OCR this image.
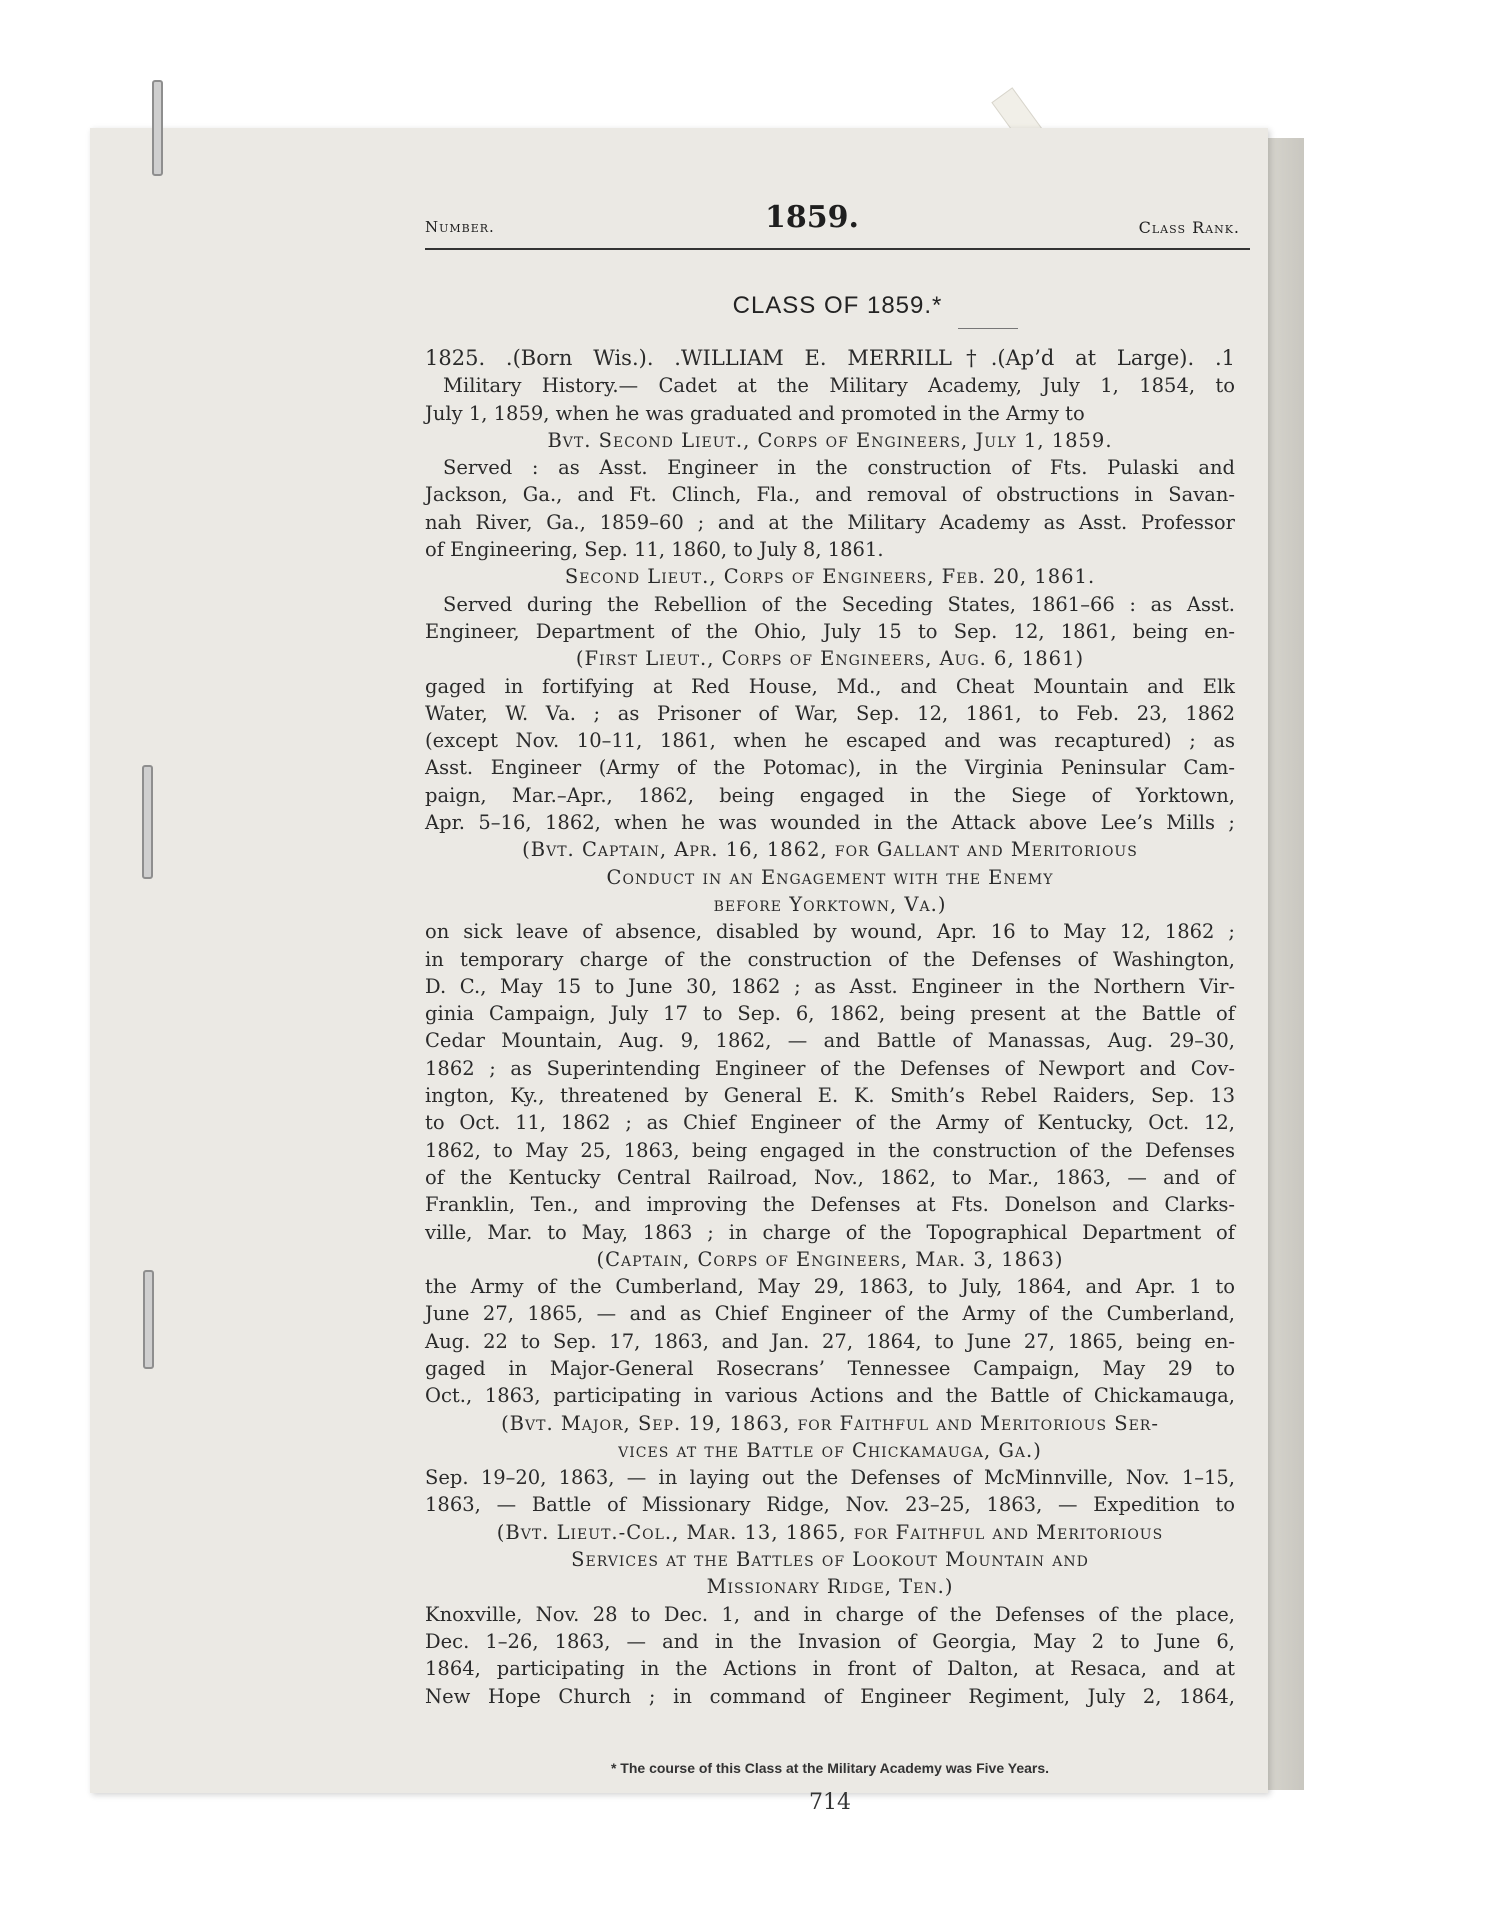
Number.	1859.	Class Rank.
CLASS OF 1859.*
1825. .(Born Wis.). .WILLIAM E. MERRILL†.(Ap’d at Large). .1
Military History.— Cadet at the Military Academy, July 1, 1854, to
July 1, 1859, when he was graduated and promoted in the Army to
Bvt. Second Lieut., Corps of Engineers, July 1, 1859.
Served : as Asst. Engineer in the construction of Fts. Pulaski and
Jackson, Ga., and Ft. Clinch, Fla., and removal of obstructions in Savan-
nah River, Ga., 1859–60 ; and at the Military Academy as Asst. Professor
of Engineering, Sep. 11, 1860, to July 8, 1861.
Second Lieut., Corps of Engineers, Feb. 20, 1861.
Served during the Rebellion of the Seceding States, 1861–66 : as Asst.
Engineer, Department of the Ohio, July 15 to Sep. 12, 1861, being en-
(First Lieut., Corps of Engineers, Aug. 6, 1861)
gaged in fortifying at Red House, Md., and Cheat Mountain and Elk
Water, W. Va. ; as Prisoner of War, Sep. 12, 1861, to Feb. 23, 1862
(except Nov. 10–11, 1861, when he escaped and was recaptured) ; as
Asst. Engineer (Army of the Potomac), in the Virginia Peninsular Cam-
paign, Mar.–Apr., 1862, being engaged in the Siege of Yorktown,
Apr. 5–16, 1862, when he was wounded in the Attack above Lee’s Mills ;
(Bvt. Captain, Apr. 16, 1862, for Gallant and Meritorious
Conduct in an Engagement with the Enemy
before Yorktown, Va.)
on sick leave of absence, disabled by wound, Apr. 16 to May 12, 1862 ;
in temporary charge of the construction of the Defenses of Washington,
D. C., May 15 to June 30, 1862 ; as Asst. Engineer in the Northern Vir-
ginia Campaign, July 17 to Sep. 6, 1862, being present at the Battle of
Cedar Mountain, Aug. 9, 1862, — and Battle of Manassas, Aug. 29–30,
1862 ; as Superintending Engineer of the Defenses of Newport and Cov-
ington, Ky., threatened by General E. K. Smith’s Rebel Raiders, Sep. 13
to Oct. 11, 1862 ; as Chief Engineer of the Army of Kentucky, Oct. 12,
1862, to May 25, 1863, being engaged in the construction of the Defenses
of the Kentucky Central Railroad, Nov., 1862, to Mar., 1863, — and of
Franklin, Ten., and improving the Defenses at Fts. Donelson and Clarks-
ville, Mar. to May, 1863 ; in charge of the Topographical Department of
(Captain, Corps of Engineers, Mar. 3, 1863)
the Army of the Cumberland, May 29, 1863, to July, 1864, and Apr. 1 to
June 27, 1865, — and as Chief Engineer of the Army of the Cumberland,
Aug. 22 to Sep. 17, 1863, and Jan. 27, 1864, to June 27, 1865, being en-
gaged in Major-General Rosecrans’ Tennessee Campaign, May 29 to
Oct., 1863, participating in various Actions and the Battle of Chickamauga,
(Bvt. Major, Sep. 19, 1863, for Faithful and Meritorious Ser-
vices at the Battle of Chickamauga, Ga.)
Sep. 19–20, 1863, — in laying out the Defenses of McMinnville, Nov. 1–15,
1863, — Battle of Missionary Ridge, Nov. 23–25, 1863, — Expedition to
(Bvt. Lieut.-Col., Mar. 13, 1865, for Faithful and Meritorious
Services at the Battles of Lookout Mountain and
Missionary Ridge, Ten.)
Knoxville, Nov. 28 to Dec. 1, and in charge of the Defenses of the place,
Dec. 1–26, 1863, — and in the Invasion of Georgia, May 2 to June 6,
1864, participating in the Actions in front of Dalton, at Resaca, and at
New Hope Church ; in command of Engineer Regiment, July 2, 1864,
* The course of this Class at the Military Academy was Five Years.
714
